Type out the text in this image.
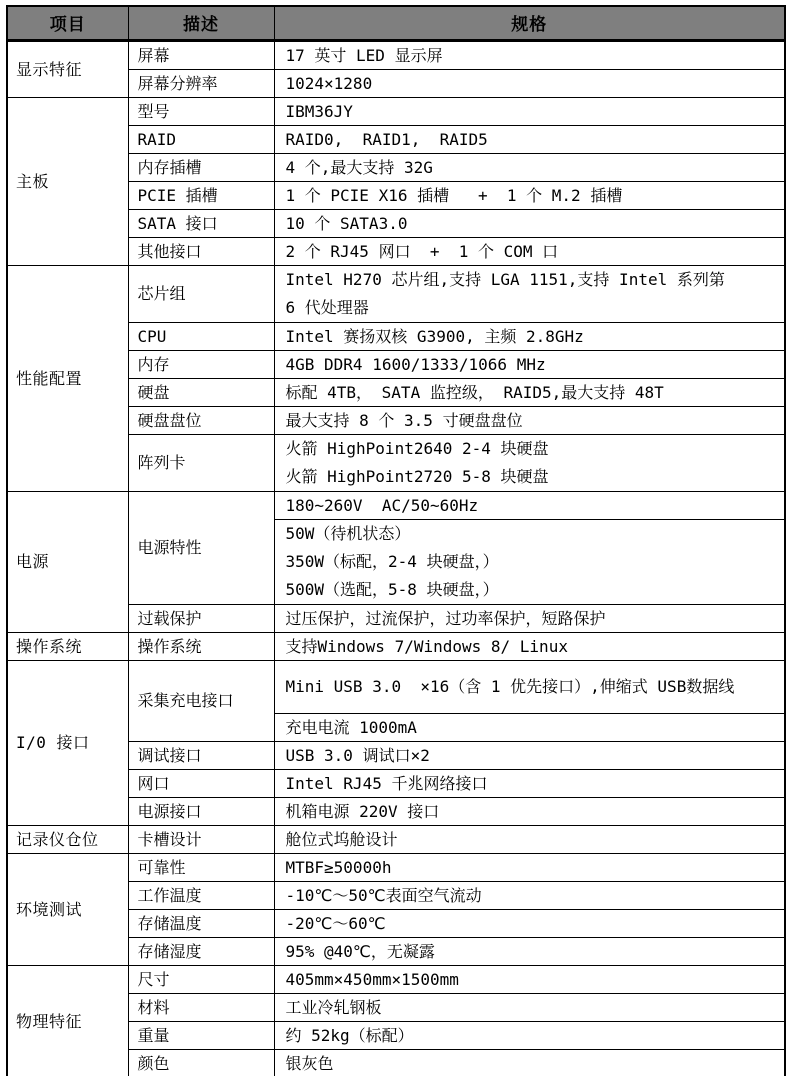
项目	描述	规格
显示特征	屏幕	17 英寸 LED 显示屏
	屏幕分辨率	1024×1280
主板	型号	IBM36JY
	RAID	RAID0,  RAID1,  RAID5
	内存插槽	4 个,最大支持 32G
	PCIE 插槽	1 个 PCIE X16 插槽   +  1 个 M.2 插槽
	SATA 接口	10 个 SATA3.0
	其他接口	2 个 RJ45 网口  +  1 个 COM 口
性能配置	芯片组	Intel H270 芯片组,支持 LGA 1151,支持 Intel 系列第
6 代处理器

	CPU	Intel 赛扬双核 G3900, 主频 2.8GHz
	内存	4GB DDR4 1600/1333/1066 MHz
	硬盘	标配 4TB， SATA 监控级， RAID5,最大支持 48T
	硬盘盘位	最大支持 8 个 3.5 寸硬盘盘位
	阵列卡	火箭 HighPoint2640 2-4 块硬盘
火箭 HighPoint2720 5-8 块硬盘

电源	电源特性	180~260V  AC/50~60Hz

		50W（待机状态）
350W（标配，2-4 块硬盘，）
500W（选配，5-8 块硬盘，）

	过载保护	过压保护，过流保护，过功率保护，短路保护
操作系统	操作系统	支持Windows 7/Windows 8/ Linux
I/0 接口	采集充电接口	Mini USB 3.0  ×16（含 1 优先接口）,伸缩式 USB数据线
		充电电流 1000mA
	调试接口	USB 3.0 调试口×2
	网口	Intel RJ45 千兆网络接口
	电源接口	机箱电源 220V 接口
记录仪仓位	卡槽设计	舱位式坞舱设计
环境测试	可靠性	MTBF≥50000h
	工作温度	-10℃～50℃表面空气流动
	存储温度	-20℃～60℃
	存储湿度	95% @40℃，无凝露
物理特征	尺寸	405mm×450mm×1500mm
	材料	工业冷轧钢板
	重量	约 52kg（标配）
	颜色	银灰色
